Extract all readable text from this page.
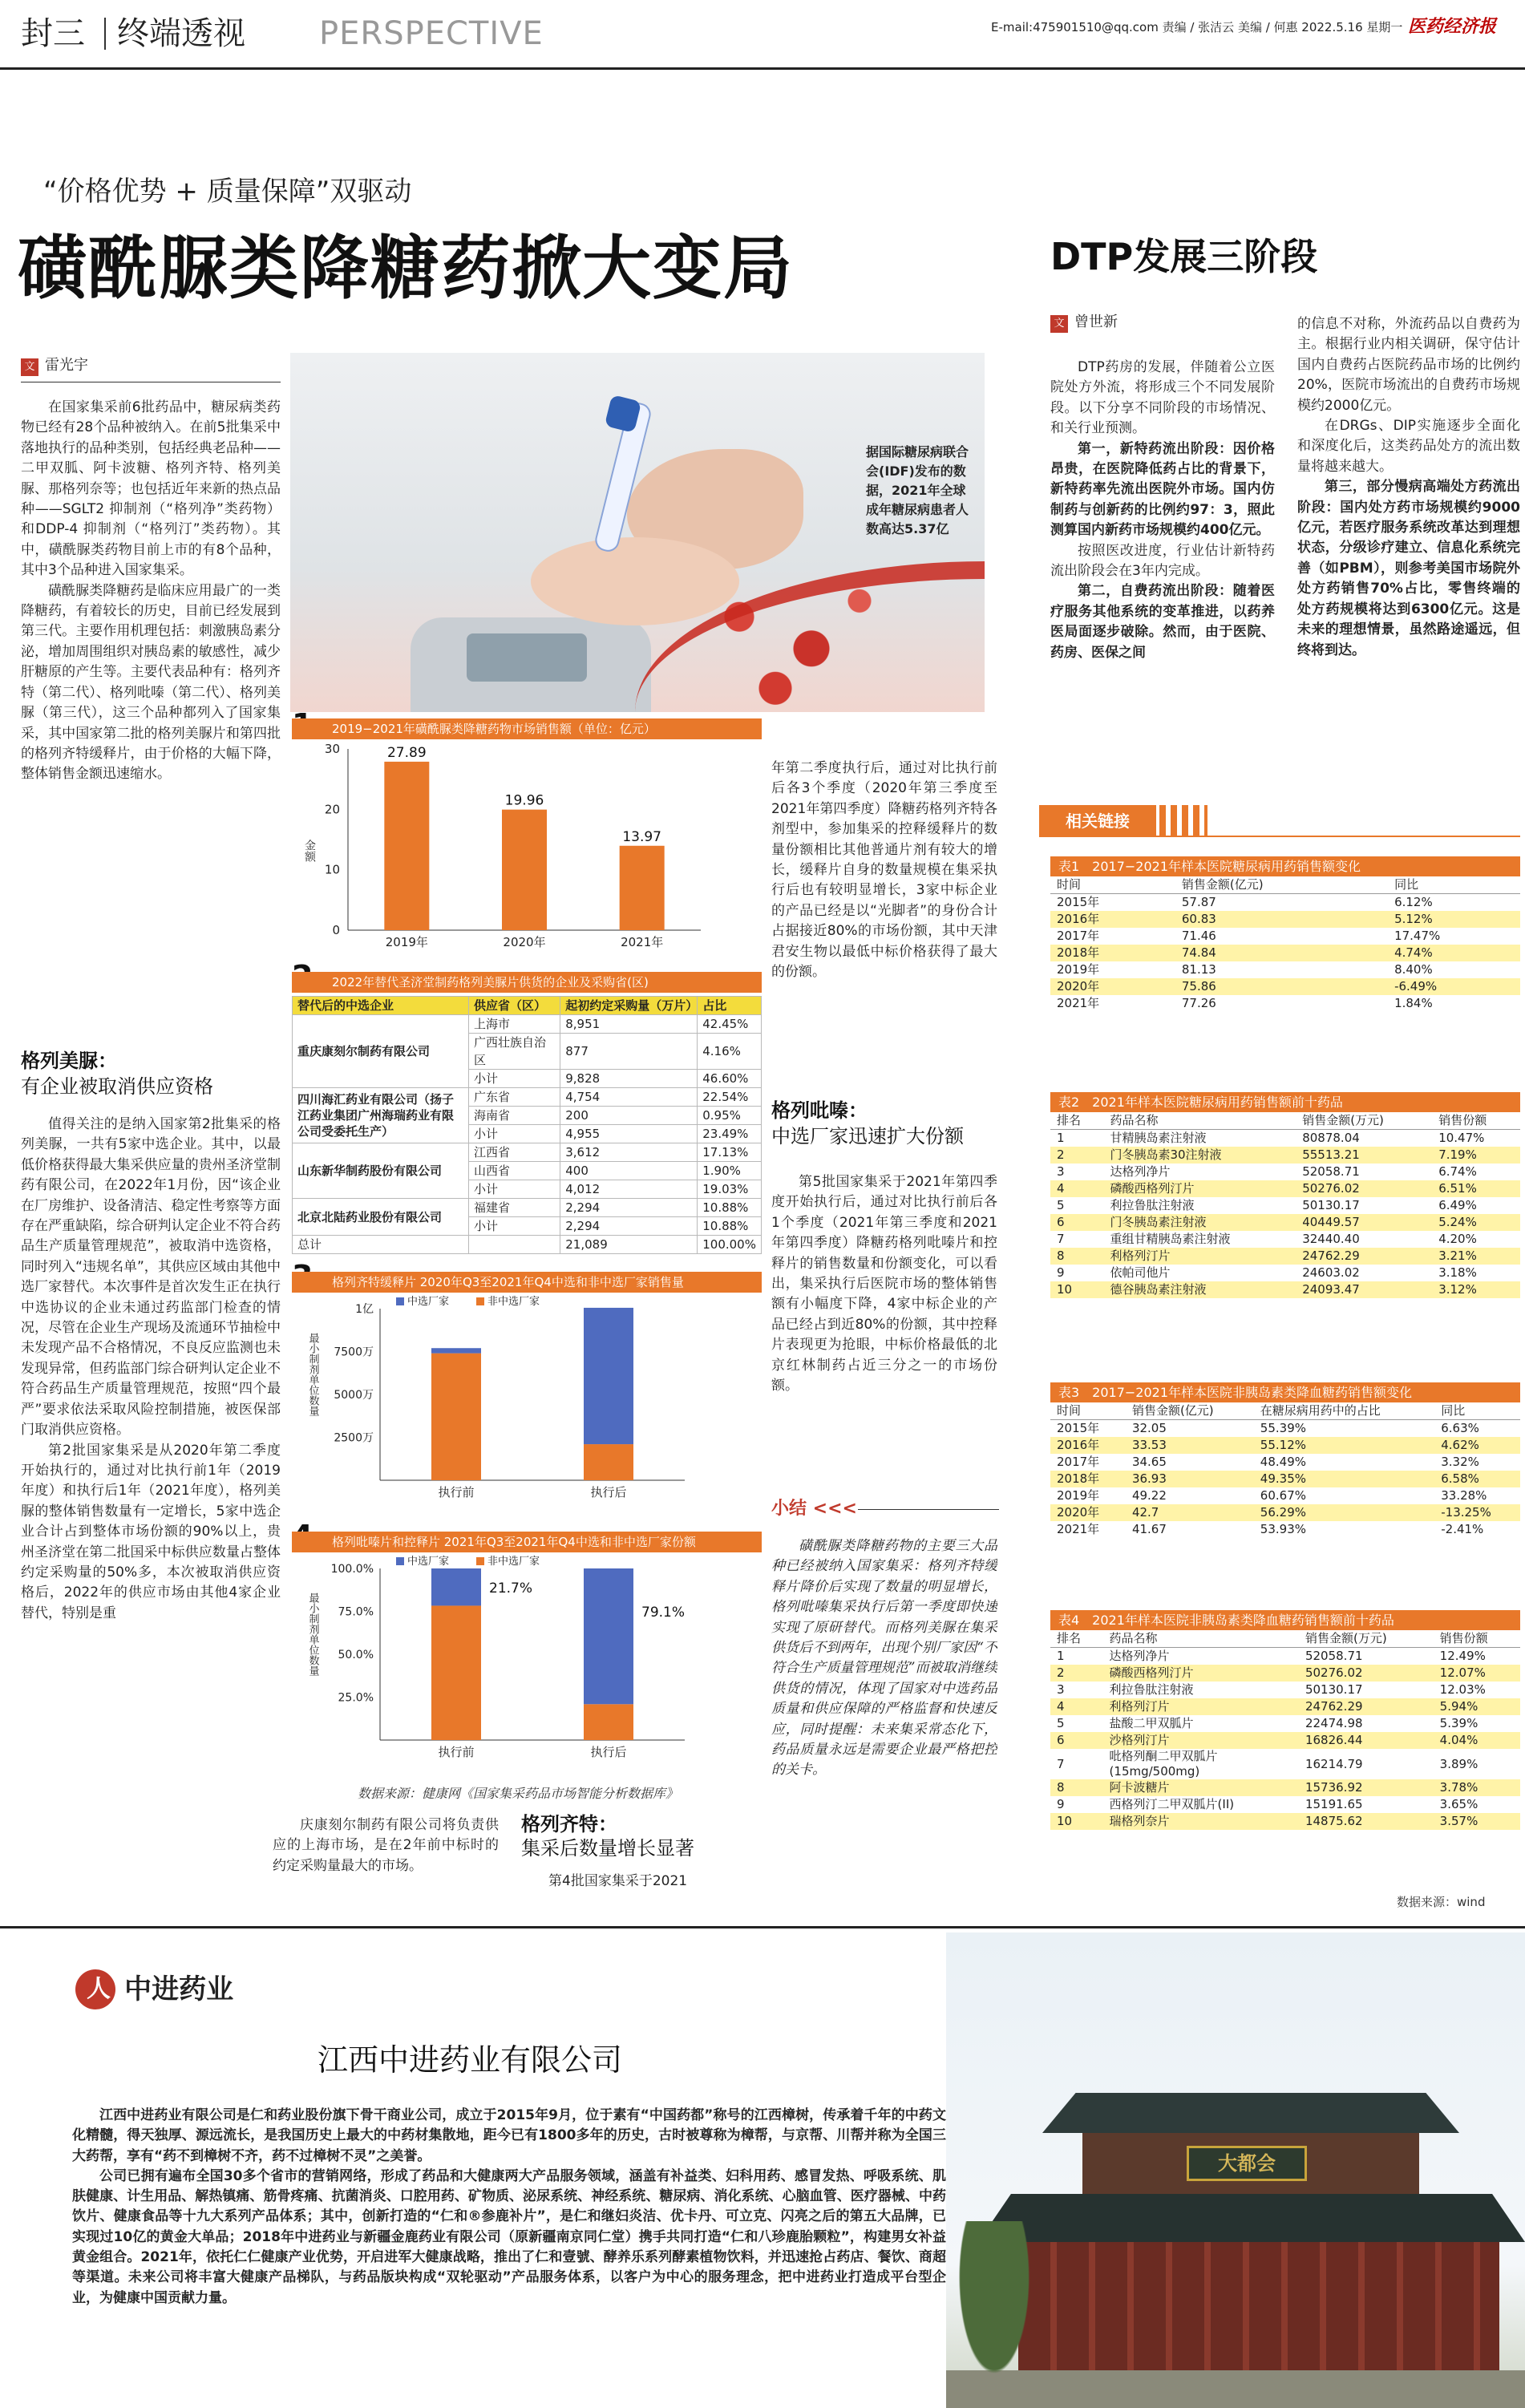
封三 终端透视 PERSPECTIVE	E-mail:475901510@qq.com 责编 / 张洁云 美编 / 何惠 2022.5.16 星期一 医药经济报
“价格优势 + 质量保障”双驱动
磺酰脲类降糖药掀大变局
文 雷光宇

在国家集采前6批药品中，糖尿病类药物已经有28个品种被纳入。在前5批集采中落地执行的品种类别，包括经典老品种——二甲双胍、阿卡波糖、格列齐特、格列美脲、那格列奈等；也包括近年来新的热点品种——SGLT2 抑制剂（“格列净”类药物）和DDP-4 抑制剂（“格列汀”类药物）。其中，磺酰脲类药物目前上市的有8个品种，其中3个品种进入国家集采。

磺酰脲类降糖药是临床应用最广的一类降糖药，有着较长的历史，目前已经发展到第三代。主要作用机理包括：刺激胰岛素分泌，增加周围组织对胰岛素的敏感性，减少肝糖原的产生等。主要代表品种有：格列齐特（第二代）、格列吡嗪（第二代）、格列美脲（第三代），这三个品种都列入了国家集采，其中国家第二批的格列美脲片和第四批的格列齐特缓释片，由于价格的大幅下降，整体销售金额迅速缩水。

格列美脲：
有企业被取消供应资格

值得关注的是纳入国家第2批集采的格列美脲，一共有5家中选企业。其中，以最低价格获得最大集采供应量的贵州圣济堂制药有限公司，在2022年1月份，因“该企业在厂房维护、设备清洁、稳定性考察等方面存在严重缺陷，综合研判认定企业不符合药品生产质量管理规范”，被取消中选资格，同时列入“违规名单”，其供应区域由其他中选厂家替代。本次事件是首次发生正在执行中选协议的企业未通过药监部门检查的情况，尽管在企业生产现场及流通环节抽检中未发现产品不合格情况，不良反应监测也未发现异常，但药监部门综合研判认定企业不符合药品生产质量管理规范，按照“四个最严”要求依法采取风险控制措施，被医保部门取消供应资格。

第2批国家集采是从2020年第二季度开始执行的，通过对比执行前1年（2019年度）和执行后1年（2021年度），格列美脲的整体销售数量有一定增长，5家中选企业合计占到整体市场份额的90%以上，贵州圣济堂在第二批国采中标供应数量占整体约定采购量的50%多，本次被取消供应资格后，2022年的供应市场由其他4家企业替代，特别是重

据国际糖尿病联合会(IDF)发布的数据，2021年全球成年糖尿病患者人数高达5.37亿
2019−2021年磺酰脲类降糖药物市场销售额（单位：亿元）
0
10
20
30
金额
27.89
2019年
19.96
2020年
13.97
2021年
2022年替代圣济堂制药格列美脲片供货的企业及采购省(区)
替代后的中选企业	供应省（区）	起初约定采购量（万片）	占比
重庆康刻尔制药有限公司	上海市	8,951	42.45%
	广西壮族自治区	877	4.16%
	小计	9,828	46.60%
四川海汇药业有限公司（扬子江药业集团广州海瑞药业有限公司受委托生产）	广东省	4,754	22.54%
	海南省	200	0.95%
	小计	4,955	23.49%
山东新华制药股份有限公司	江西省	3,612	17.13%
	山西省	400	1.90%
	小计	4,012	19.03%
北京北陆药业股份有限公司	福建省	2,294	10.88%
	小计	2,294	10.88%
总计		21,089	100.00%
格列齐特缓释片 2020年Q3至2021年Q4中选和非中选厂家销售量
2500万
5000万
7500万
1亿
最小制剂单位数量
中选厂家	非中选厂家
执行前	执行后
格列吡嗪片和控释片 2021年Q3至2021年Q4中选和非中选厂家份额
25.0%
50.0%
75.0%
100.0%
最小制剂单位数量
中选厂家	非中选厂家
执行前
21.7%
执行后
79.1%
数据来源：健康网《国家集采药品市场智能分析数据库》

庆康刻尔制药有限公司将负责供应的上海市场，是在2年前中标时的约定采购量最大的市场。

格列齐特：
集采后数量增长显著

第4批国家集采于2021

年第二季度执行后，通过对比执行前后各3个季度（2020年第三季度至2021年第四季度）降糖药格列齐特各剂型中，参加集采的控释缓释片的数量份额相比其他普通片剂有较大的增长，缓释片自身的数量规模在集采执行后也有较明显增长，3家中标企业的产品已经是以“光脚者”的身份合计占据接近80%的市场份额，其中天津君安生物以最低中标价格获得了最大的份额。

格列吡嗪：
中选厂家迅速扩大份额

第5批国家集采于2021年第四季度开始执行后，通过对比执行前后各1个季度（2021年第三季度和2021年第四季度）降糖药格列吡嗪片和控释片的销售数量和份额变化，可以看出，集采执行后医院市场的整体销售额有小幅度下降，4家中标企业的产品已经占到近80%的份额，其中控释片表现更为抢眼，中标价格最低的北京红林制药占近三分之一的市场份额。

小结 <<<

磺酰脲类降糖药物的主要三大品种已经被纳入国家集采：格列齐特缓释片降价后实现了数量的明显增长，格列吡嗪集采执行后第一季度即快速实现了原研替代。而格列美脲在集采供货后不到两年，出现个别厂家因“不符合生产质量管理规范”而被取消继续供货的情况，体现了国家对中选药品质量和供应保障的严格监督和快速反应，同时提醒：未来集采常态化下，药品质量永远是需要企业最严格把控的关卡。

DTP发展三阶段
文 曾世新

DTP药房的发展，伴随着公立医院处方外流，将形成三个不同发展阶段。以下分享不同阶段的市场情况、和关行业预测。

第一，新特药流出阶段：因价格昂贵，在医院降低药占比的背景下，新特药率先流出医院外市场。国内仿制药与创新药的比例约97：3，照此测算国内新药市场规模约400亿元。

按照医改进度，行业估计新特药流出阶段会在3年内完成。

第二，自费药流出阶段：随着医疗服务其他系统的变革推进，以药养医局面逐步破除。然而，由于医院、药房、医保之间

的信息不对称，外流药品以自费药为主。根据行业内相关调研，保守估计国内自费药占医院药品市场的比例约20%，医院市场流出的自费药市场规模约2000亿元。

在DRGs、DIP实施逐步全面化和深度化后，这类药品处方的流出数量将越来越大。

第三，部分慢病高端处方药流出阶段：国内处方药市场规模约9000亿元，若医疗服务系统改革达到理想状态，分级诊疗建立、信息化系统完善（如PBM），则参考美国市场院外处方药销售70%占比，零售终端的处方药规模将达到6300亿元。这是未来的理想情景，虽然路途遥远，但终将到达。

相关链接
表1　2017−2021年样本医院糖尿病用药销售额变化
时间	销售金额(亿元)	同比
2015年	57.87	6.12%
2016年	60.83	5.12%
2017年	71.46	17.47%
2018年	74.84	4.74%
2019年	81.13	8.40%
2020年	75.86	-6.49%
2021年	77.26	1.84%
表2　2021年样本医院糖尿病用药销售额前十药品
排名	药品名称	销售金额(万元)	销售份额
1	甘精胰岛素注射液	80878.04	10.47%
2	门冬胰岛素30注射液	55513.21	7.19%
3	达格列净片	52058.71	6.74%
4	磷酸西格列汀片	50276.02	6.51%
5	利拉鲁肽注射液	50130.17	6.49%
6	门冬胰岛素注射液	40449.57	5.24%
7	重组甘精胰岛素注射液	32440.40	4.20%
8	利格列汀片	24762.29	3.21%
9	依帕司他片	24603.02	3.18%
10	德谷胰岛素注射液	24093.47	3.12%
表3　2017−2021年样本医院非胰岛素类降血糖药销售额变化
时间	销售金额(亿元)	在糖尿病用药中的占比	同比
2015年	32.05	55.39%	6.63%
2016年	33.53	55.12%	4.62%
2017年	34.65	48.49%	3.32%
2018年	36.93	49.35%	6.58%
2019年	49.22	60.67%	33.28%
2020年	42.7	56.29%	-13.25%
2021年	41.67	53.93%	-2.41%
表4　2021年样本医院非胰岛素类降血糖药销售额前十药品
排名	药品名称	销售金额(万元)	销售份额
1	达格列净片	52058.71	12.49%
2	磷酸西格列汀片	50276.02	12.07%
3	利拉鲁肽注射液	50130.17	12.03%
4	利格列汀片	24762.29	5.94%
5	盐酸二甲双胍片	22474.98	5.39%
6	沙格列汀片	16826.44	4.04%
7	吡格列酮二甲双胍片
(15mg/500mg)	16214.79	3.89%
8	阿卡波糖片	15736.92	3.78%
9	西格列汀二甲双胍片(II)	15191.65	3.65%
10	瑞格列奈片	14875.62	3.57%
数据来源：wind
人 中进药业
江西中进药业有限公司

江西中进药业有限公司是仁和药业股份旗下骨干商业公司，成立于2015年9月，位于素有“中国药都”称号的江西樟树，传承着千年的中药文化精髓，得天独厚、源远流长，是我国历史上最大的中药材集散地，距今已有1800多年的历史，古时被尊称为樟帮，与京帮、川帮并称为全国三大药帮，享有“药不到樟树不齐，药不过樟树不灵”之美誉。

公司已拥有遍布全国30多个省市的营销网络，形成了药品和大健康两大产品服务领域，涵盖有补益类、妇科用药、感冒发热、呼吸系统、肌肤健康、计生用品、解热镇痛、筋骨疼痛、抗菌消炎、口腔用药、矿物质、泌尿系统、神经系统、糖尿病、消化系统、心脑血管、医疗器械、中药饮片、健康食品等十九大系列产品体系；其中，创新打造的“仁和®参鹿补片”，是仁和继妇炎洁、优卡丹、可立克、闪亮之后的第五大品牌，已实现过10亿的黄金大单品；2018年中进药业与新疆金鹿药业有限公司（原新疆南京同仁堂）携手共同打造“仁和八珍鹿胎颗粒”，构建男女补益黄金组合。2021年，依托仁仁健康产业优势，开启进军大健康战略，推出了仁和壹號、酵养乐系列酵素植物饮料，并迅速抢占药店、餐饮、商超等渠道。未来公司将丰富大健康产品梯队，与药品版块构成“双轮驱动”产品服务体系，以客户为中心的服务理念，把中进药业打造成平台型企业，为健康中国贡献力量。

大都会
